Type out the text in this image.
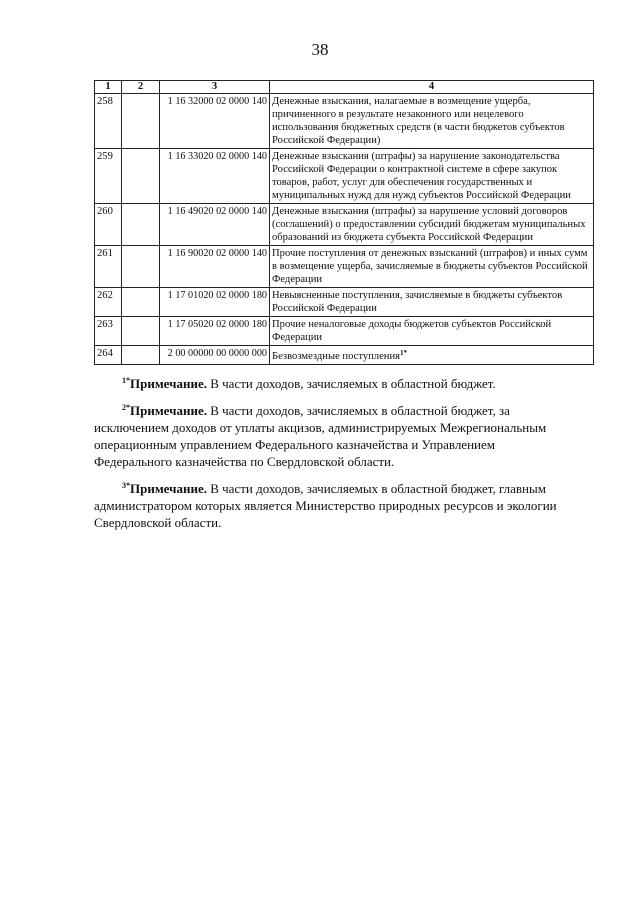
38
1	2	3	4
258		1 16 32000 02 0000 140	Денежные взыскания, налагаемые в возмещение ущерба, причиненного в результате незаконного или нецелевого использования бюджетных средств (в части бюджетов субъектов Российской Федерации)
259		1 16 33020 02 0000 140	Денежные взыскания (штрафы) за нарушение законодательства Российской Федерации о контрактной системе в сфере закупок товаров, работ, услуг для обеспечения государственных и муниципальных нужд для нужд субъектов Российской Федерации
260		1 16 49020 02 0000 140	Денежные взыскания (штрафы) за нарушение условий договоров (соглашений) о предоставлении субсидий бюджетам муниципальных образований из бюджета субъекта Российской Федерации
261		1 16 90020 02 0000 140	Прочие поступления от денежных взысканий (штрафов) и иных сумм в возмещение ущерба, зачисляемые в бюджеты субъектов Российской Федерации
262		1 17 01020 02 0000 180	Невыясненные поступления, зачисляемые в бюджеты субъектов Российской Федерации
263		1 17 05020 02 0000 180	Прочие неналоговые доходы бюджетов субъектов Российской Федерации
264		2 00 00000 00 0000 000	Безвозмездные поступления$^{1*}$

$^{1*}$Примечание. В части доходов, зачисляемых в областной бюджет.

$^{2*}$Примечание. В части доходов, зачисляемых в областной бюджет, за исключением доходов от уплаты акцизов, администрируемых Межрегиональным операционным управлением Федерального казначейства и Управлением Федерального казначейства по Свердловской области.

$^{3*}$Примечание. В части доходов, зачисляемых в областной бюджет, главным администратором которых является Министерство природных ресурсов и экологии Свердловской области.
